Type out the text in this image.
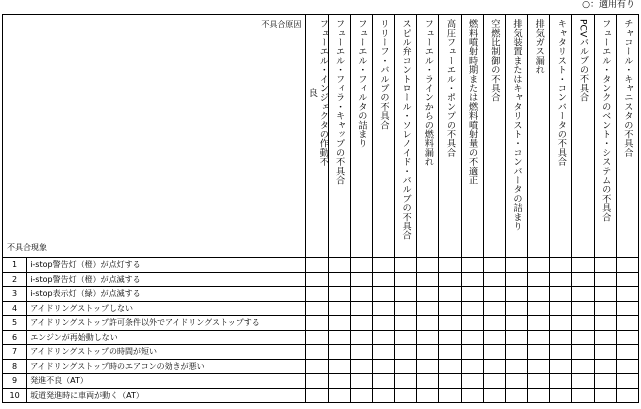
○：適用有り
不具合原因
不具合現象		フューエル・インジェクタの作動不
良	フューエル・フィラ・キャップの不具合	フューエル・フィルタの詰まり	リリーフ・バルブの不具合	スピル弁コントロール・ソレノイド・バルブの不具合	フューエル・ラインからの燃料漏れ	高圧フューエル・ポンプの不具合	燃料噴射時期または燃料噴射量の不適正	空燃比制御の不具合	排気装置またはキャタリスト・コンバータの詰まり	排気ガス漏れ	キャタリスト・コンバータの不具合	PCVバルブの不具合	フューエル・タンクのベント・システムの不具合	チャコール・キャニスタの不具合

1	i-stop警告灯（橙）が点灯する															
2	i-stop警告灯（橙）が点滅する															
3	i-stop表示灯（緑）が点滅する															
4	アイドリングストップしない															
5	アイドリングストップ許可条件以外でアイドリングストップする															
6	エンジンが再始動しない															
7	アイドリングストップの時間が短い															
8	アイドリングストップ時のエアコンの効きが悪い															
9	発進不良（AT）															
10	坂道発進時に車両が動く（AT）															
